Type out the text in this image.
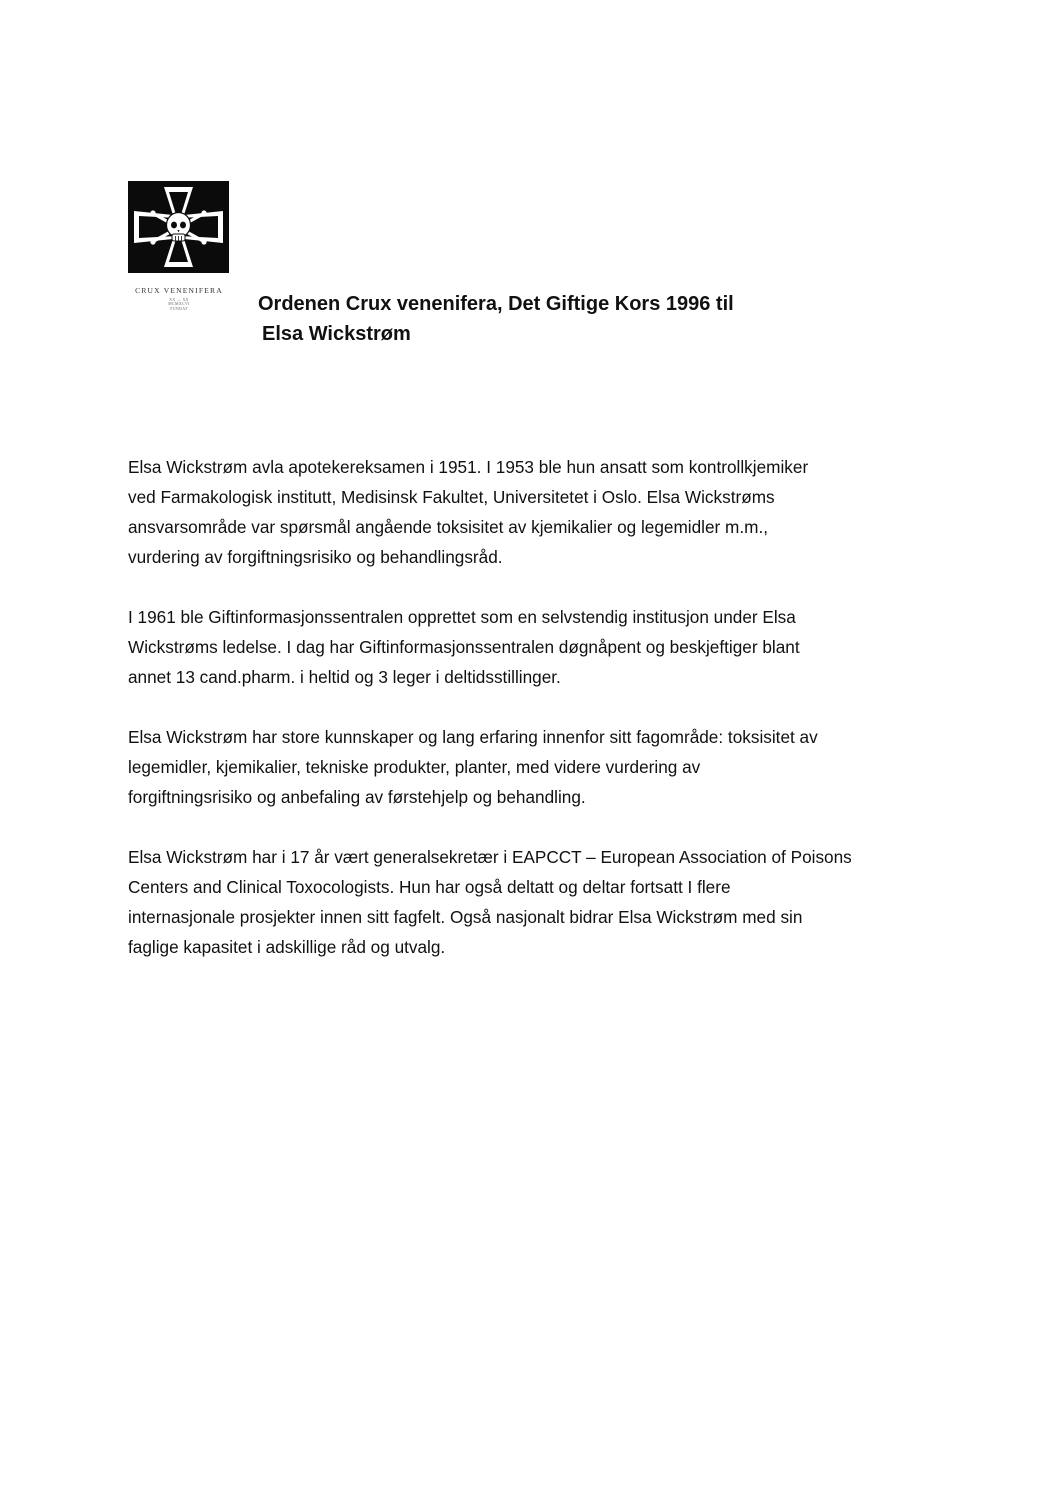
CRUX VENENIFERA
XX — XX
MCMXCVI
FUNDAT	Ordenen Crux venenifera, Det Giftige Kors 1996 til
Elsa Wickstrøm

Elsa Wickstrøm avla apotekereksamen i 1951. I 1953 ble hun ansatt som kontrollkjemiker
ved Farmakologisk institutt, Medisinsk Fakultet, Universitetet i Oslo. Elsa Wickstrøms
ansvarsområde var spørsmål angående toksisitet av kjemikalier og legemidler m.m.,
vurdering av forgiftningsrisiko og behandlingsråd.

I 1961 ble Giftinformasjonssentralen opprettet som en selvstendig institusjon under Elsa
Wickstrøms ledelse. I dag har Giftinformasjonssentralen døgnåpent og beskjeftiger blant
annet 13 cand.pharm. i heltid og 3 leger i deltidsstillinger.

Elsa Wickstrøm har store kunnskaper og lang erfaring innenfor sitt fagområde: toksisitet av
legemidler, kjemikalier, tekniske produkter, planter, med videre vurdering av
forgiftningsrisiko og anbefaling av førstehjelp og behandling.

Elsa Wickstrøm har i 17 år vært generalsekretær i EAPCCT – European Association of Poisons
Centers and Clinical Toxocologists. Hun har også deltatt og deltar fortsatt I flere
internasjonale prosjekter innen sitt fagfelt. Også nasjonalt bidrar Elsa Wickstrøm med sin
faglige kapasitet i adskillige råd og utvalg.
